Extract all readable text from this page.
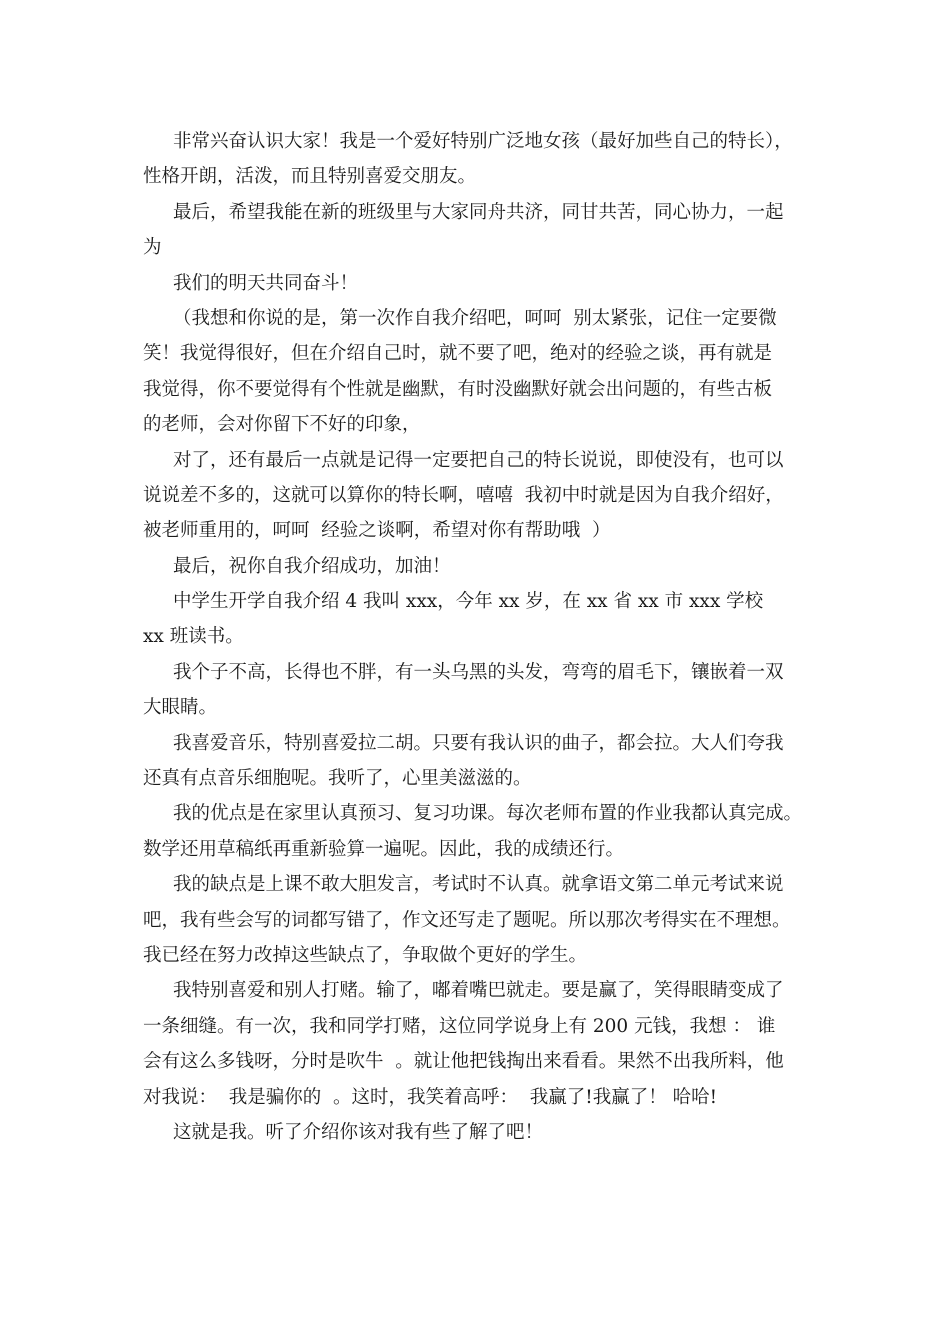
非常兴奋认识大家！我是一个爱好特别广泛地女孩（最好加些自己的特长），
性格开朗，活泼，而且特别喜爱交朋友。
最后，希望我能在新的班级里与大家同舟共济，同甘共苦，同心协力，一起
为
我们的明天共同奋斗！
（我想和你说的是，第一次作自我介绍吧，呵呵  别太紧张，记住一定要微
笑！我觉得很好，但在介绍自己时，就不要了吧，绝对的经验之谈，再有就是
我觉得，你不要觉得有个性就是幽默，有时没幽默好就会出问题的，有些古板
的老师，会对你留下不好的印象，
对了，还有最后一点就是记得一定要把自己的特长说说，即使没有，也可以
说说差不多的，这就可以算你的特长啊，嘻嘻  我初中时就是因为自我介绍好，
被老师重用的，呵呵  经验之谈啊，希望对你有帮助哦  ）
最后，祝你自我介绍成功，加油！
中学生开学自我介绍 4 我叫 xxx，今年 xx 岁，在 xx 省 xx 市 xxx 学校
xx 班读书。
我个子不高，长得也不胖，有一头乌黑的头发，弯弯的眉毛下，镶嵌着一双
大眼睛。
我喜爱音乐，特别喜爱拉二胡。只要有我认识的曲子，都会拉。大人们夸我
还真有点音乐细胞呢。我听了，心里美滋滋的。
我的优点是在家里认真预习、复习功课。每次老师布置的作业我都认真完成。
数学还用草稿纸再重新验算一遍呢。因此，我的成绩还行。
我的缺点是上课不敢大胆发言，考试时不认真。就拿语文第二单元考试来说
吧，我有些会写的词都写错了，作文还写走了题呢。所以那次考得实在不理想。
我已经在努力改掉这些缺点了，争取做个更好的学生。
我特别喜爱和别人打赌。输了，嘟着嘴巴就走。要是赢了，笑得眼睛变成了
一条细缝。有一次，我和同学打赌，这位同学说身上有 200 元钱，我想 ： 谁
会有这么多钱呀，分时是吹牛  。就让他把钱掏出来看看。果然不出我所料，他
对我说：  我是骗你的  。这时，我笑着高呼：  我赢了!我赢了！ 哈哈!
这就是我。听了介绍你该对我有些了解了吧！
